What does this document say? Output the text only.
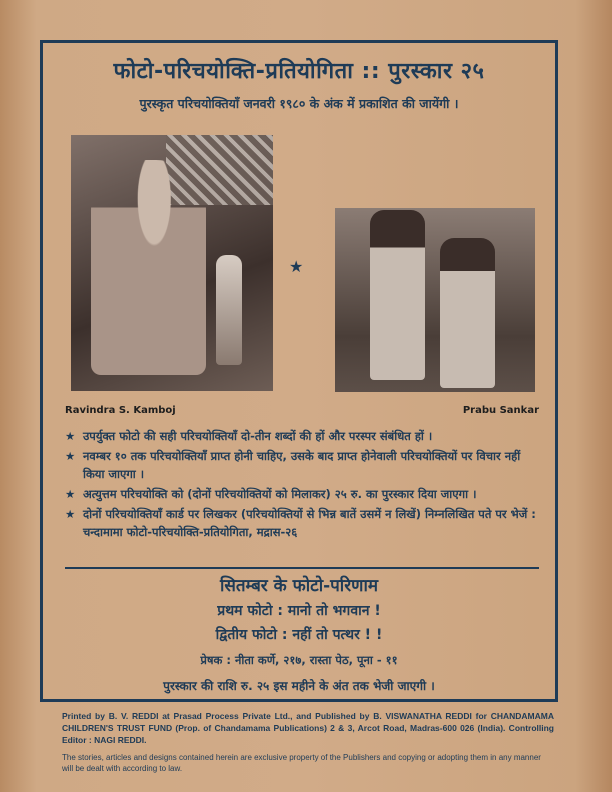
फोटो-परिचयोक्ति-प्रतियोगिता :: पुरस्कार २५
पुरस्कृत परिचयोक्तियाँ जनवरी १९८० के अंक में प्रकाशित की जायेंगी ।
★
Ravindra S. Kamboj	Prabu Sankar
★ उपर्युक्त फोटो की सही परिचयोक्तियाँ दो-तीन शब्दों की हों और परस्पर संबंधित हों ।
★ नवम्बर १० तक परिचयोक्तियाँ प्राप्त होनी चाहिए, उसके बाद प्राप्त होनेवाली परिचयोक्तियों पर विचार नहीं किया जाएगा ।
★ अत्युत्तम परिचयोक्ति को (दोनों परिचयोक्तियों को मिलाकर) २५ रु. का पुरस्कार दिया जाएगा ।
★ दोनों परिचयोक्तियाँ कार्ड पर लिखकर (परिचयोक्तियों से भिन्न बातें उसमें न लिखें) निम्नलिखित पते पर भेजें : चन्दामामा फोटो-परिचयोक्ति-प्रतियोगिता, मद्रास-२६
सितम्बर के फोटो-परिणाम
प्रथम फोटो : मानो तो भगवान !
द्वितीय फोटो : नहीं तो पत्थर ! !
प्रेषक : नीता कर्णे, २१७, रास्ता पेठ, पूना - ११
पुरस्कार की राशि रु. २५ इस महीने के अंत तक भेजी जाएगी ।
Printed by B. V. REDDI at Prasad Process Private Ltd., and Published by B. VISWANATHA REDDI for CHANDAMAMA CHILDREN'S TRUST FUND (Prop. of Chandamama Publications) 2 & 3, Arcot Road, Madras-600 026 (India). Controlling Editor : NAGI REDDI.
The stories, articles and designs contained herein are exclusive property of the Publishers and copying or adopting them in any manner will be dealt with according to law.
